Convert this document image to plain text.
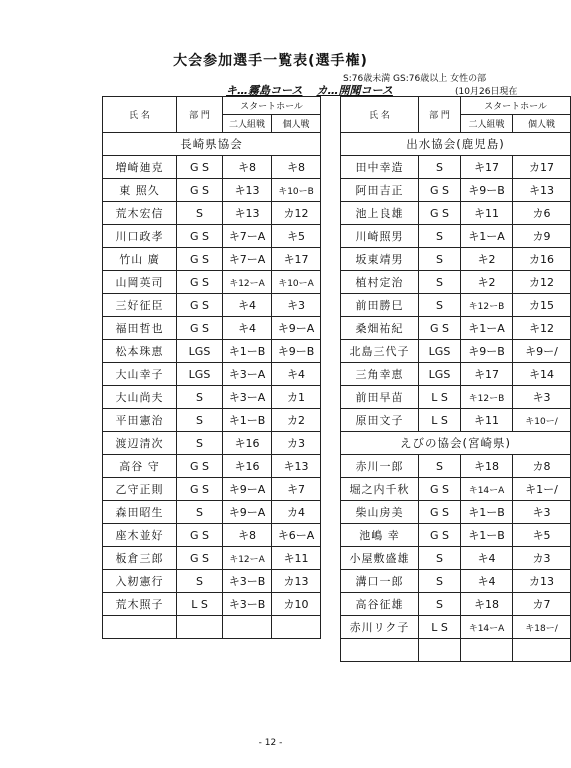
大会参加選手一覧表(選手権)
S:76歳未満 GS:76歳以上 女性の部
キ…霧島コース カ…開聞コース	(10月26日現在
氏 名	部 門	スタートホール	
		二人組戦	個人戦
長崎県協会			
増崎廸克	G S	キ8	キ8
東 照久	G S	キ13	キ10ーB
荒木宏信	S	キ13	カ12
川口政孝	G S	キ7ーA	キ5
竹山 廣	G S	キ7ーA	キ17
山岡英司	G S	キ12ーA	キ10ーA
三好征臣	G S	キ4	キ3
福田哲也	G S	キ4	キ9ーA
松本珠恵	LGS	キ1ーB	キ9ーB
大山幸子	LGS	キ3ーA	キ4
大山尚夫	S	キ3ーA	カ1
平田憲治	S	キ1ーB	カ2
渡辺清次	S	キ16	カ3
高谷 守	G S	キ16	キ13
乙守正則	G S	キ9ーA	キ7
森田昭生	S	キ9ーA	カ4
座木並好	G S	キ8	キ6ーA
板倉三郎	G S	キ12ーA	キ11
入籾憲行	S	キ3ーB	カ13
荒木照子	L S	キ3ーB	カ10

氏 名	部 門	スタートホール	
		二人組戦	個人戦
出水協会(鹿児島)			
田中幸造	S	キ17	カ17
阿田吉正	G S	キ9ーB	キ13
池上良雄	G S	キ11	カ6
川崎照男	S	キ1ーA	カ9
坂東靖男	S	キ2	カ16
植村定治	S	キ2	カ12
前田勝巳	S	キ12ーB	カ15
桑畑祐紀	G S	キ1ーA	キ12
北島三代子	LGS	キ9ーB	キ9ー/
三角幸恵	LGS	キ17	キ14
前田早苗	L S	キ12ーB	キ3
原田文子	L S	キ11	キ10ー/
えびの協会(宮崎県)			
赤川一郎	S	キ18	カ8
堀之内千秋	G S	キ14ーA	キ1ー/
柴山房美	G S	キ1ーB	キ3
池嶋 幸	G S	キ1ーB	キ5
小屋敷盛雄	S	キ4	カ3
溝口一郎	S	キ4	カ13
高谷征雄	S	キ18	カ7
赤川リク子	L S	キ14ーA	キ18ー/

- 12 -
